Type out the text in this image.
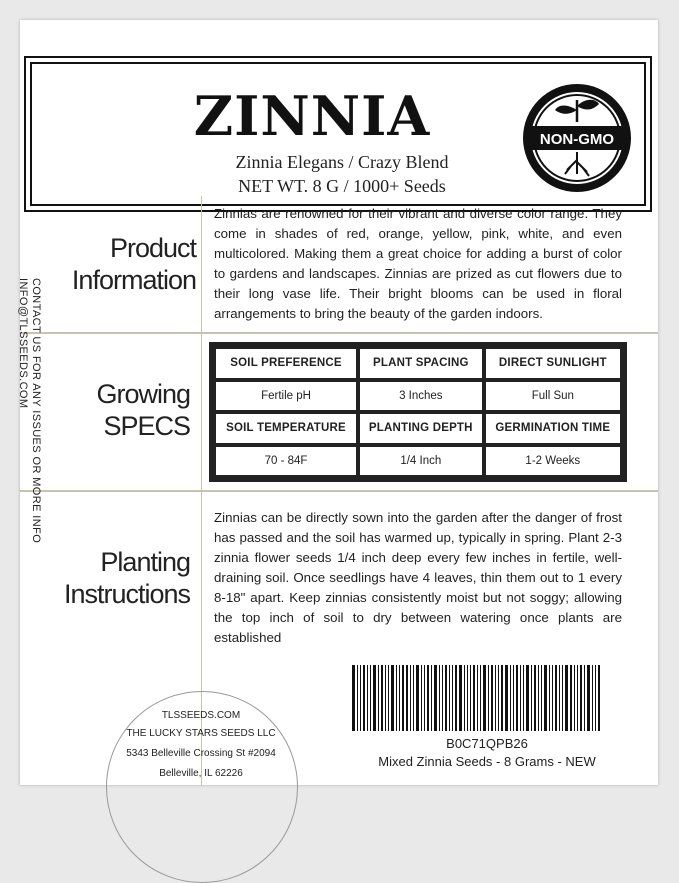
ZINNIA
Zinnia Elegans / Crazy Blend
NET WT. 8 G / 1000+ Seeds
NON-GMO
CONTACT US FOR ANY ISSUES OR MORE INFO
INFO@TLSSEEDS.COM
Product
Information
Zinnias are renowned for their vibrant and diverse color range. They come in shades of red, orange, yellow, pink, white, and even multicolored. Making them a great choice for adding a burst of color to gardens and landscapes. Zinnias are prized as cut flowers due to their long vase life. Their bright blooms can be used in floral arrangements to bring the beauty of the garden indoors.
Growing
SPECS
SOIL PREFERENCE	PLANT SPACING	DIRECT SUNLIGHT
Fertile pH	3 Inches	Full Sun
SOIL TEMPERATURE	PLANTING DEPTH	GERMINATION TIME
70 - 84F	1/4 Inch	1-2 Weeks
Planting
Instructions
Zinnias can be directly sown into the garden after the danger of frost has passed and the soil has warmed up, typically in spring. Plant 2-3 zinnia flower seeds 1/4 inch deep every few inches in fertile, well-draining soil. Once seedlings have 4 leaves, thin them out to 1 every 8-18" apart. Keep zinnias consistently moist but not soggy; allowing the top inch of soil to dry between watering once plants are established
B0C71QPB26
Mixed Zinnia Seeds - 8 Grams - NEW
TLSSEEDS.COM
THE LUCKY STARS SEEDS LLC
5343 Belleville Crossing St #2094
Belleville, IL 62226
